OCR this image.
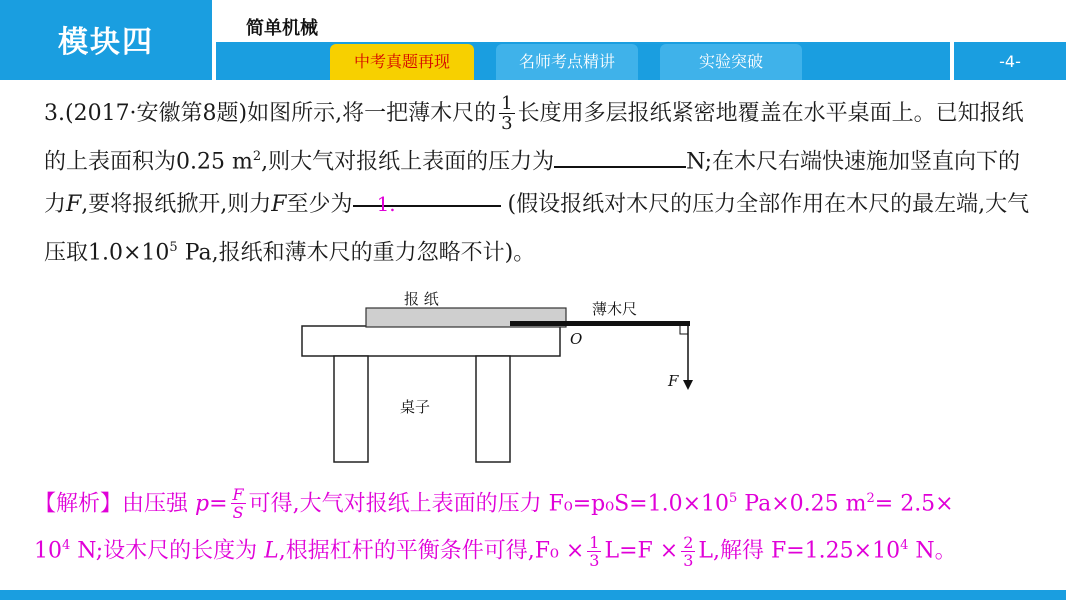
模块四	简单机械
中考真题再现	名师考点精讲	实验突破	-4-
3.(2017·安徽第8题)如图所示,将一把薄木尺的 $\frac{1}{3}$ 长度用多层报纸紧密地覆盖在水平桌面上。已知报纸的上表面积为0.25 $m^2$,则大气对报纸上表面的压力为	N;在木尺右端快速施加竖直向下的力F,要将报纸掀开,则力F至少为 1.	(假设报纸对木尺的压力全部作用在木尺的最左端,大气压取$1.0\times 10^5$ Pa,报纸和薄木尺的重力忽略不计)。
报 纸
薄木尺
O
F
桌子
【解析】由压强 $p= \frac{F}{S}$ 可得,大气对报纸上表面的压力 $F_0=p_0S=1.0\times 10^5$ Pa×0.25 $m^2= 2.5\times$
$10^4$ N;设木尺的长度为 L,根据杠杆的平衡条件可得$,F_0 \times \frac{1}{3} L=F \times \frac{2}{3} L$,解得 $F=1.25\times 10^4$ N。
